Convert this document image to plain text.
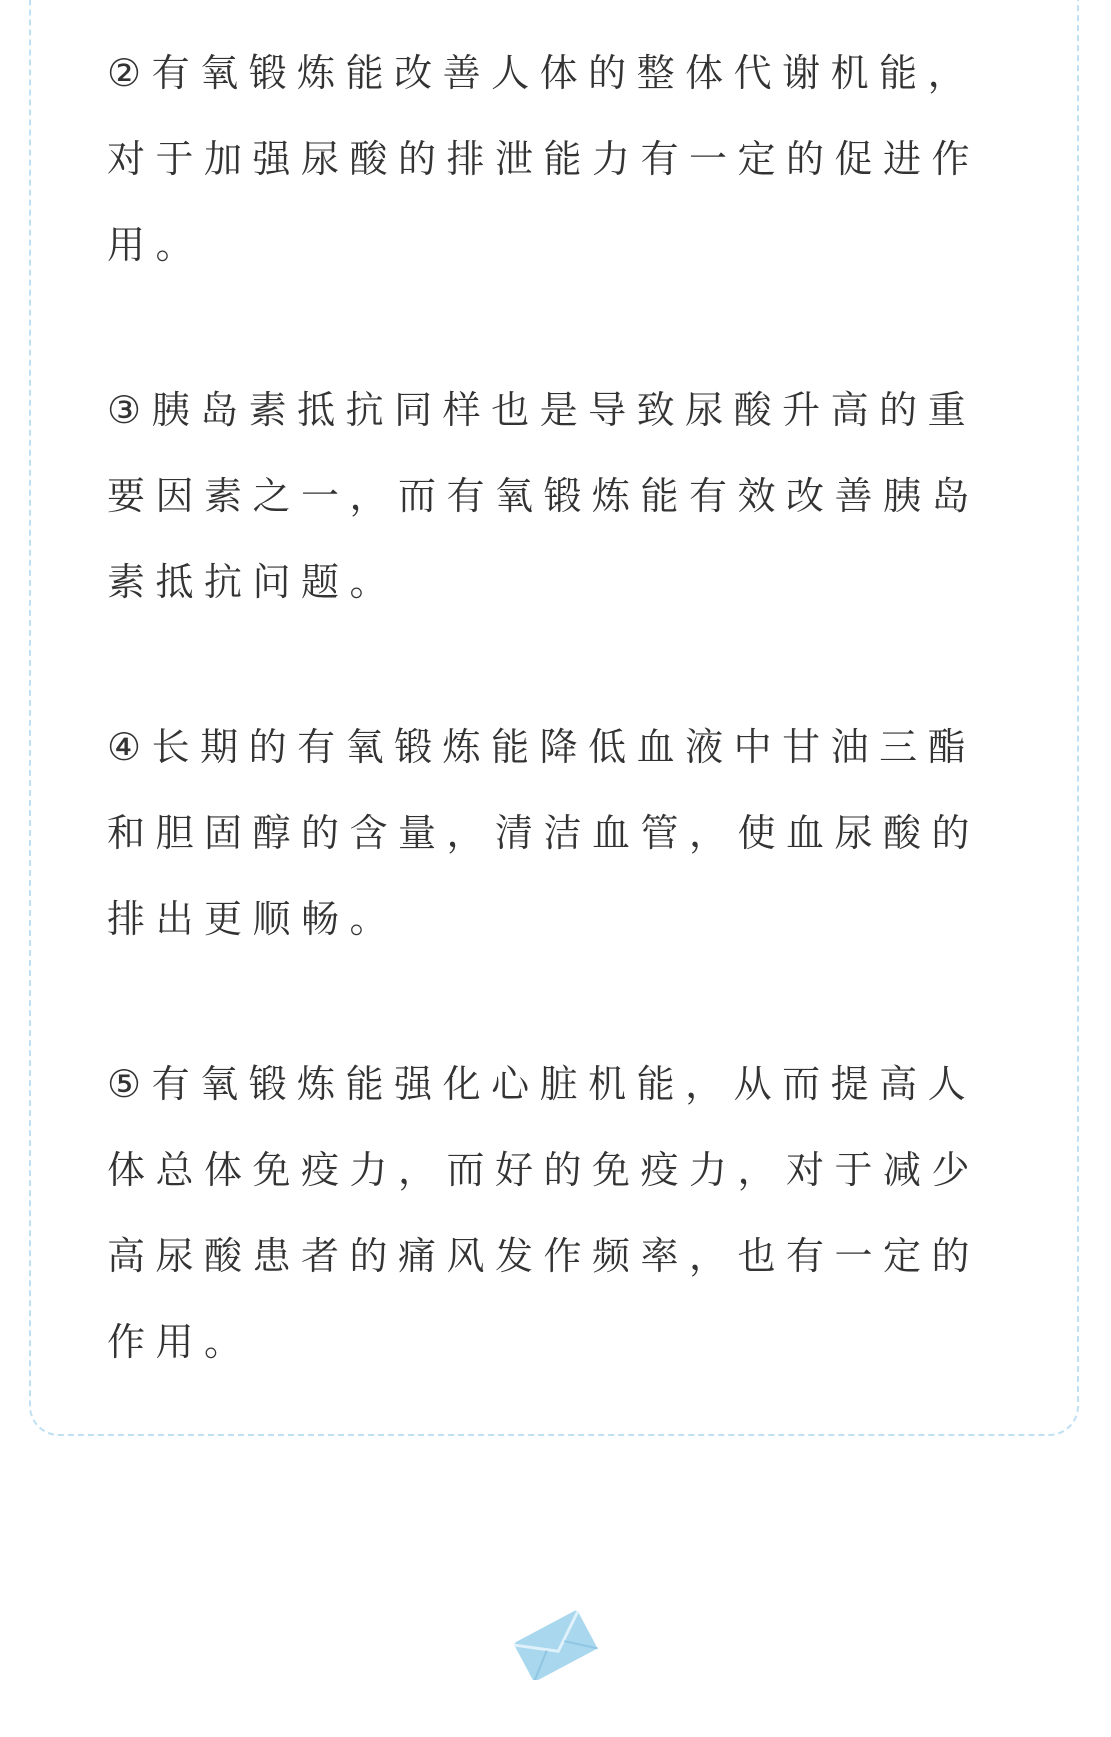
②有氧锻炼能改善人体的整体代谢机能，
对于加强尿酸的排泄能力有一定的促进作
用。
③胰岛素抵抗同样也是导致尿酸升高的重
要因素之一，而有氧锻炼能有效改善胰岛
素抵抗问题。
④长期的有氧锻炼能降低血液中甘油三酯
和胆固醇的含量，清洁血管，使血尿酸的
排出更顺畅。
⑤有氧锻炼能强化心脏机能，从而提高人
体总体免疫力，而好的免疫力，对于减少
高尿酸患者的痛风发作频率，也有一定的
作用。
